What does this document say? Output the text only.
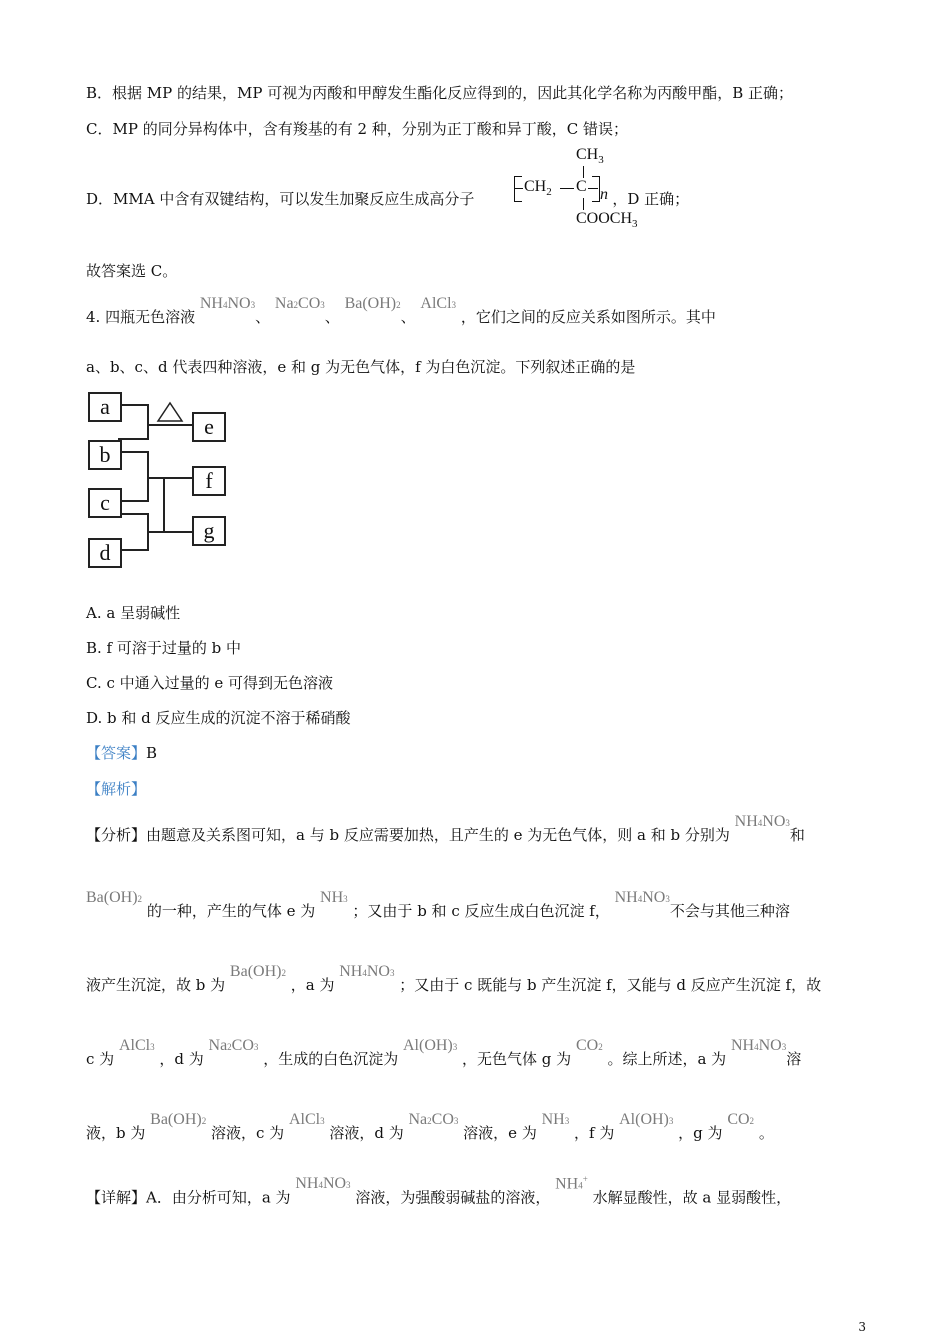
B．根据 MP 的结果，MP 可视为丙酸和甲醇发生酯化反应得到的，因此其化学名称为丙酸甲酯，B 正确；
C．MP 的同分异构体中，含有羧基的有 2 种，分别为正丁酸和异丁酸，C 错误；
D．MMA 中含有双键结构，可以发生加聚反应生成高分子	，D 正确；
$CH_3$
$CH_2$ C n
$COOCH_3$
故答案选 C。
4. 四瓶无色溶液 NH4NO3、 Na2CO3、 Ba(OH)2、 AlCl3 ，它们之间的反应关系如图所示。其中
a、b、c、d 代表四种溶液，e 和 g 为无色气体，f 为白色沉淀。下列叙述正确的是
a
b
c
d
e
f
g
A. a 呈弱碱性
B. f 可溶于过量的 b 中
C. c 中通入过量的 e 可得到无色溶液
D. b 和 d 反应生成的沉淀不溶于稀硝酸
【答案】B
【解析】
【分析】由题意及关系图可知，a 与 b 反应需要加热，且产生的 e 为无色气体，则 a 和 b 分别为 NH4NO3和
Ba(OH)2 的一种，产生的气体 e 为 NH3 ；又由于 b 和 c 反应生成白色沉淀 f， NH4NO3不会与其他三种溶
液产生沉淀，故 b 为 Ba(OH)2 ，a 为 NH4NO3 ；又由于 c 既能与 b 产生沉淀 f，又能与 d 反应产生沉淀 f，故
c 为 AlCl3 ，d 为 Na2CO3 ，生成的白色沉淀为 Al(OH)3 ，无色气体 g 为 CO2 。综上所述，a 为 NH4NO3溶
液，b 为 Ba(OH)2 溶液，c 为 AlCl3 溶液，d 为 Na2CO3 溶液，e 为 NH3 ，f 为 Al(OH)3 ，g 为 CO2 。
【详解】A．由分析可知，a 为 NH4NO3 溶液，为强酸弱碱盐的溶液， NH4+ 水解显酸性，故 a 显弱酸性，
3
